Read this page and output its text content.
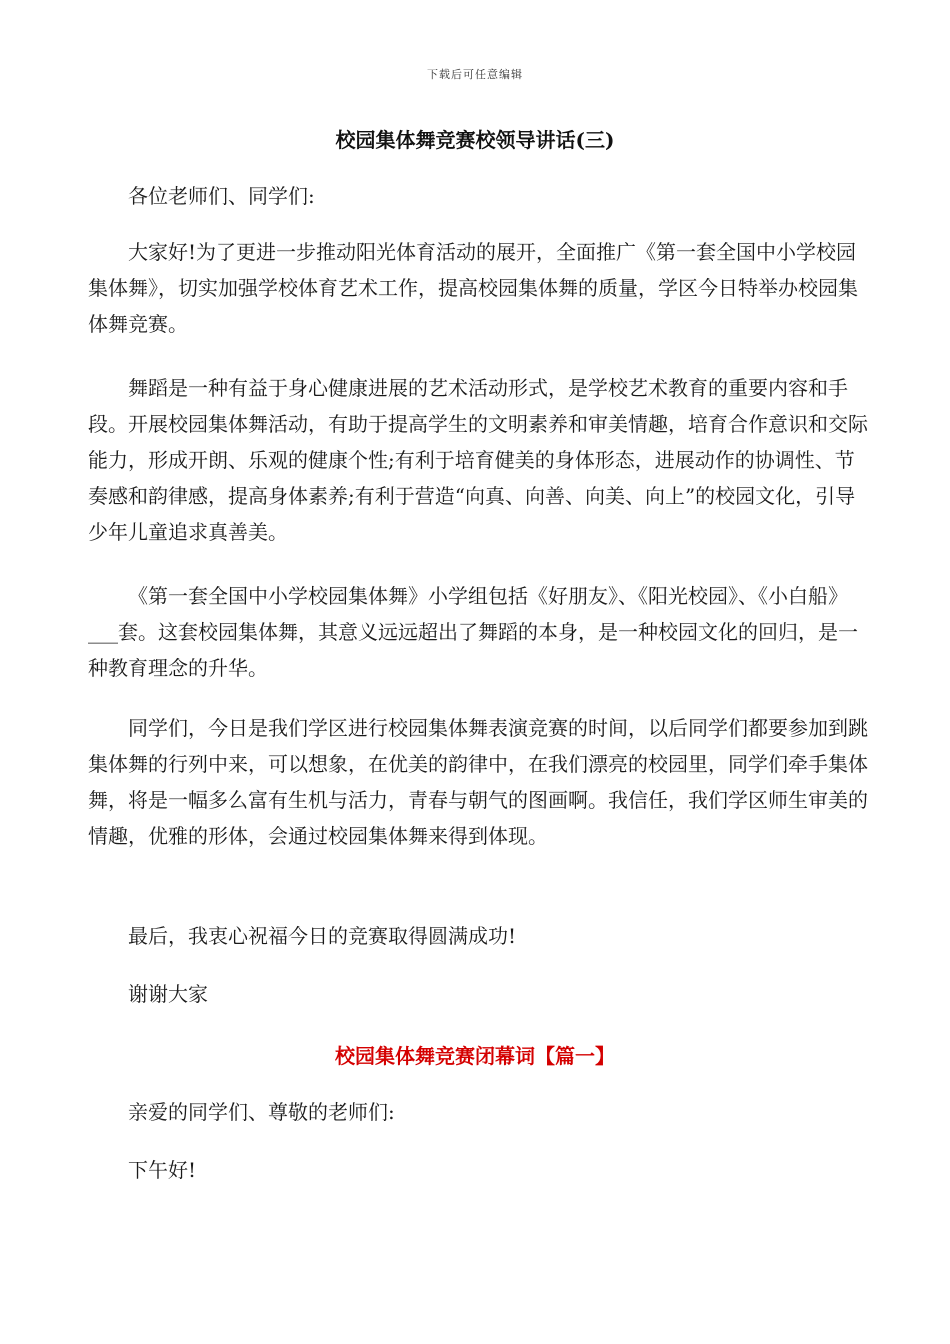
下载后可任意编辑
校园集体舞竞赛校领导讲话(三)

各位老师们、同学们:

大家好!为了更进一步推动阳光体育活动的展开，全面推广《第一套全国中小学校园集体舞》，切实加强学校体育艺术工作，提高校园集体舞的质量，学区今日特举办校园集体舞竞赛。

舞蹈是一种有益于身心健康进展的艺术活动形式，是学校艺术教育的重要内容和手段。开展校园集体舞活动，有助于提高学生的文明素养和审美情趣，培育合作意识和交际能力，形成开朗、乐观的健康个性;有利于培育健美的身体形态，进展动作的协调性、节奏感和韵律感，提高身体素养;有利于营造“向真、向善、向美、向上”的校园文化，引导少年儿童追求真善美。

《第一套全国中小学校园集体舞》小学组包括《好朋友》、《阳光校园》、《小白船》___套。这套校园集体舞，其意义远远超出了舞蹈的本身，是一种校园文化的回归，是一种教育理念的升华。

同学们，今日是我们学区进行校园集体舞表演竞赛的时间，以后同学们都要参加到跳集体舞的行列中来，可以想象，在优美的韵律中，在我们漂亮的校园里，同学们牵手集体舞，将是一幅多么富有生机与活力，青春与朝气的图画啊。我信任，我们学区师生审美的情趣，优雅的形体，会通过校园集体舞来得到体现。

最后，我衷心祝福今日的竞赛取得圆满成功!

谢谢大家

校园集体舞竞赛闭幕词【篇一】

亲爱的同学们、尊敬的老师们:

下午好!
